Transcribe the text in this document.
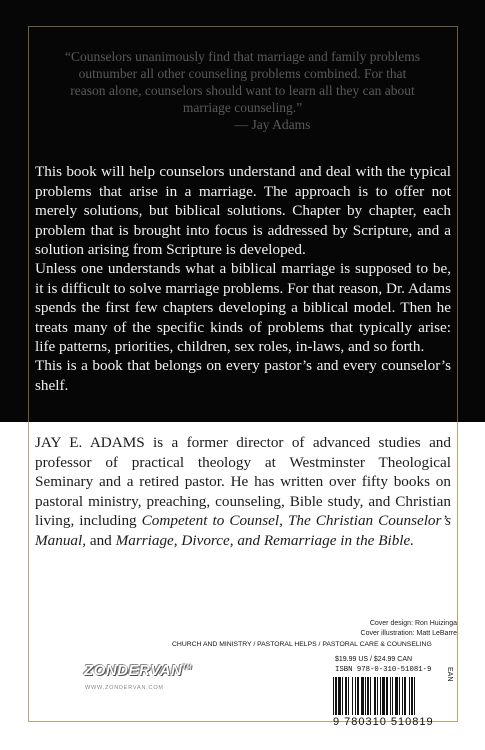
“Counselors unanimously find that marriage and family problems outnumber all other counseling problems combined. For that reason alone, counselors should want to learn all they can about marriage counseling.”
— Jay Adams

This book will help counselors understand and deal with the typical problems that arise in a marriage. The approach is to offer not merely solutions, but biblical solutions. Chapter by chapter, each problem that is brought into focus is addressed by Scripture, and a solution arising from Scripture is developed.

Unless one understands what a biblical marriage is supposed to be, it is difficult to solve marriage problems. For that reason, Dr. Adams spends the first few chapters developing a biblical model. Then he treats many of the specific kinds of problems that typically arise: life patterns, priorities, children, sex roles, in-laws, and so forth.

This is a book that belongs on every pastor’s and every counselor’s shelf.

JAY E. ADAMS is a former director of advanced studies and professor of practical theology at Westminster Theological Seminary and a retired pastor. He has written over fifty books on pastoral ministry, preaching, counseling, Bible study, and Christian living, including Competent to Counsel, The Christian Counselor’s Manual, and Marriage, Divorce, and Remarriage in the Bible.

Cover design: Ron Huizinga
Cover illustration: Matt LeBarre
CHURCH AND MINISTRY / PASTORAL HELPS / PASTORAL CARE & COUNSELING
ZONDERVAN™
WWW.ZONDERVAN.COM
$19.99 US / $24.99 CAN
ISBN 978-0-310-51081-9
9 780310 510819
EAN
